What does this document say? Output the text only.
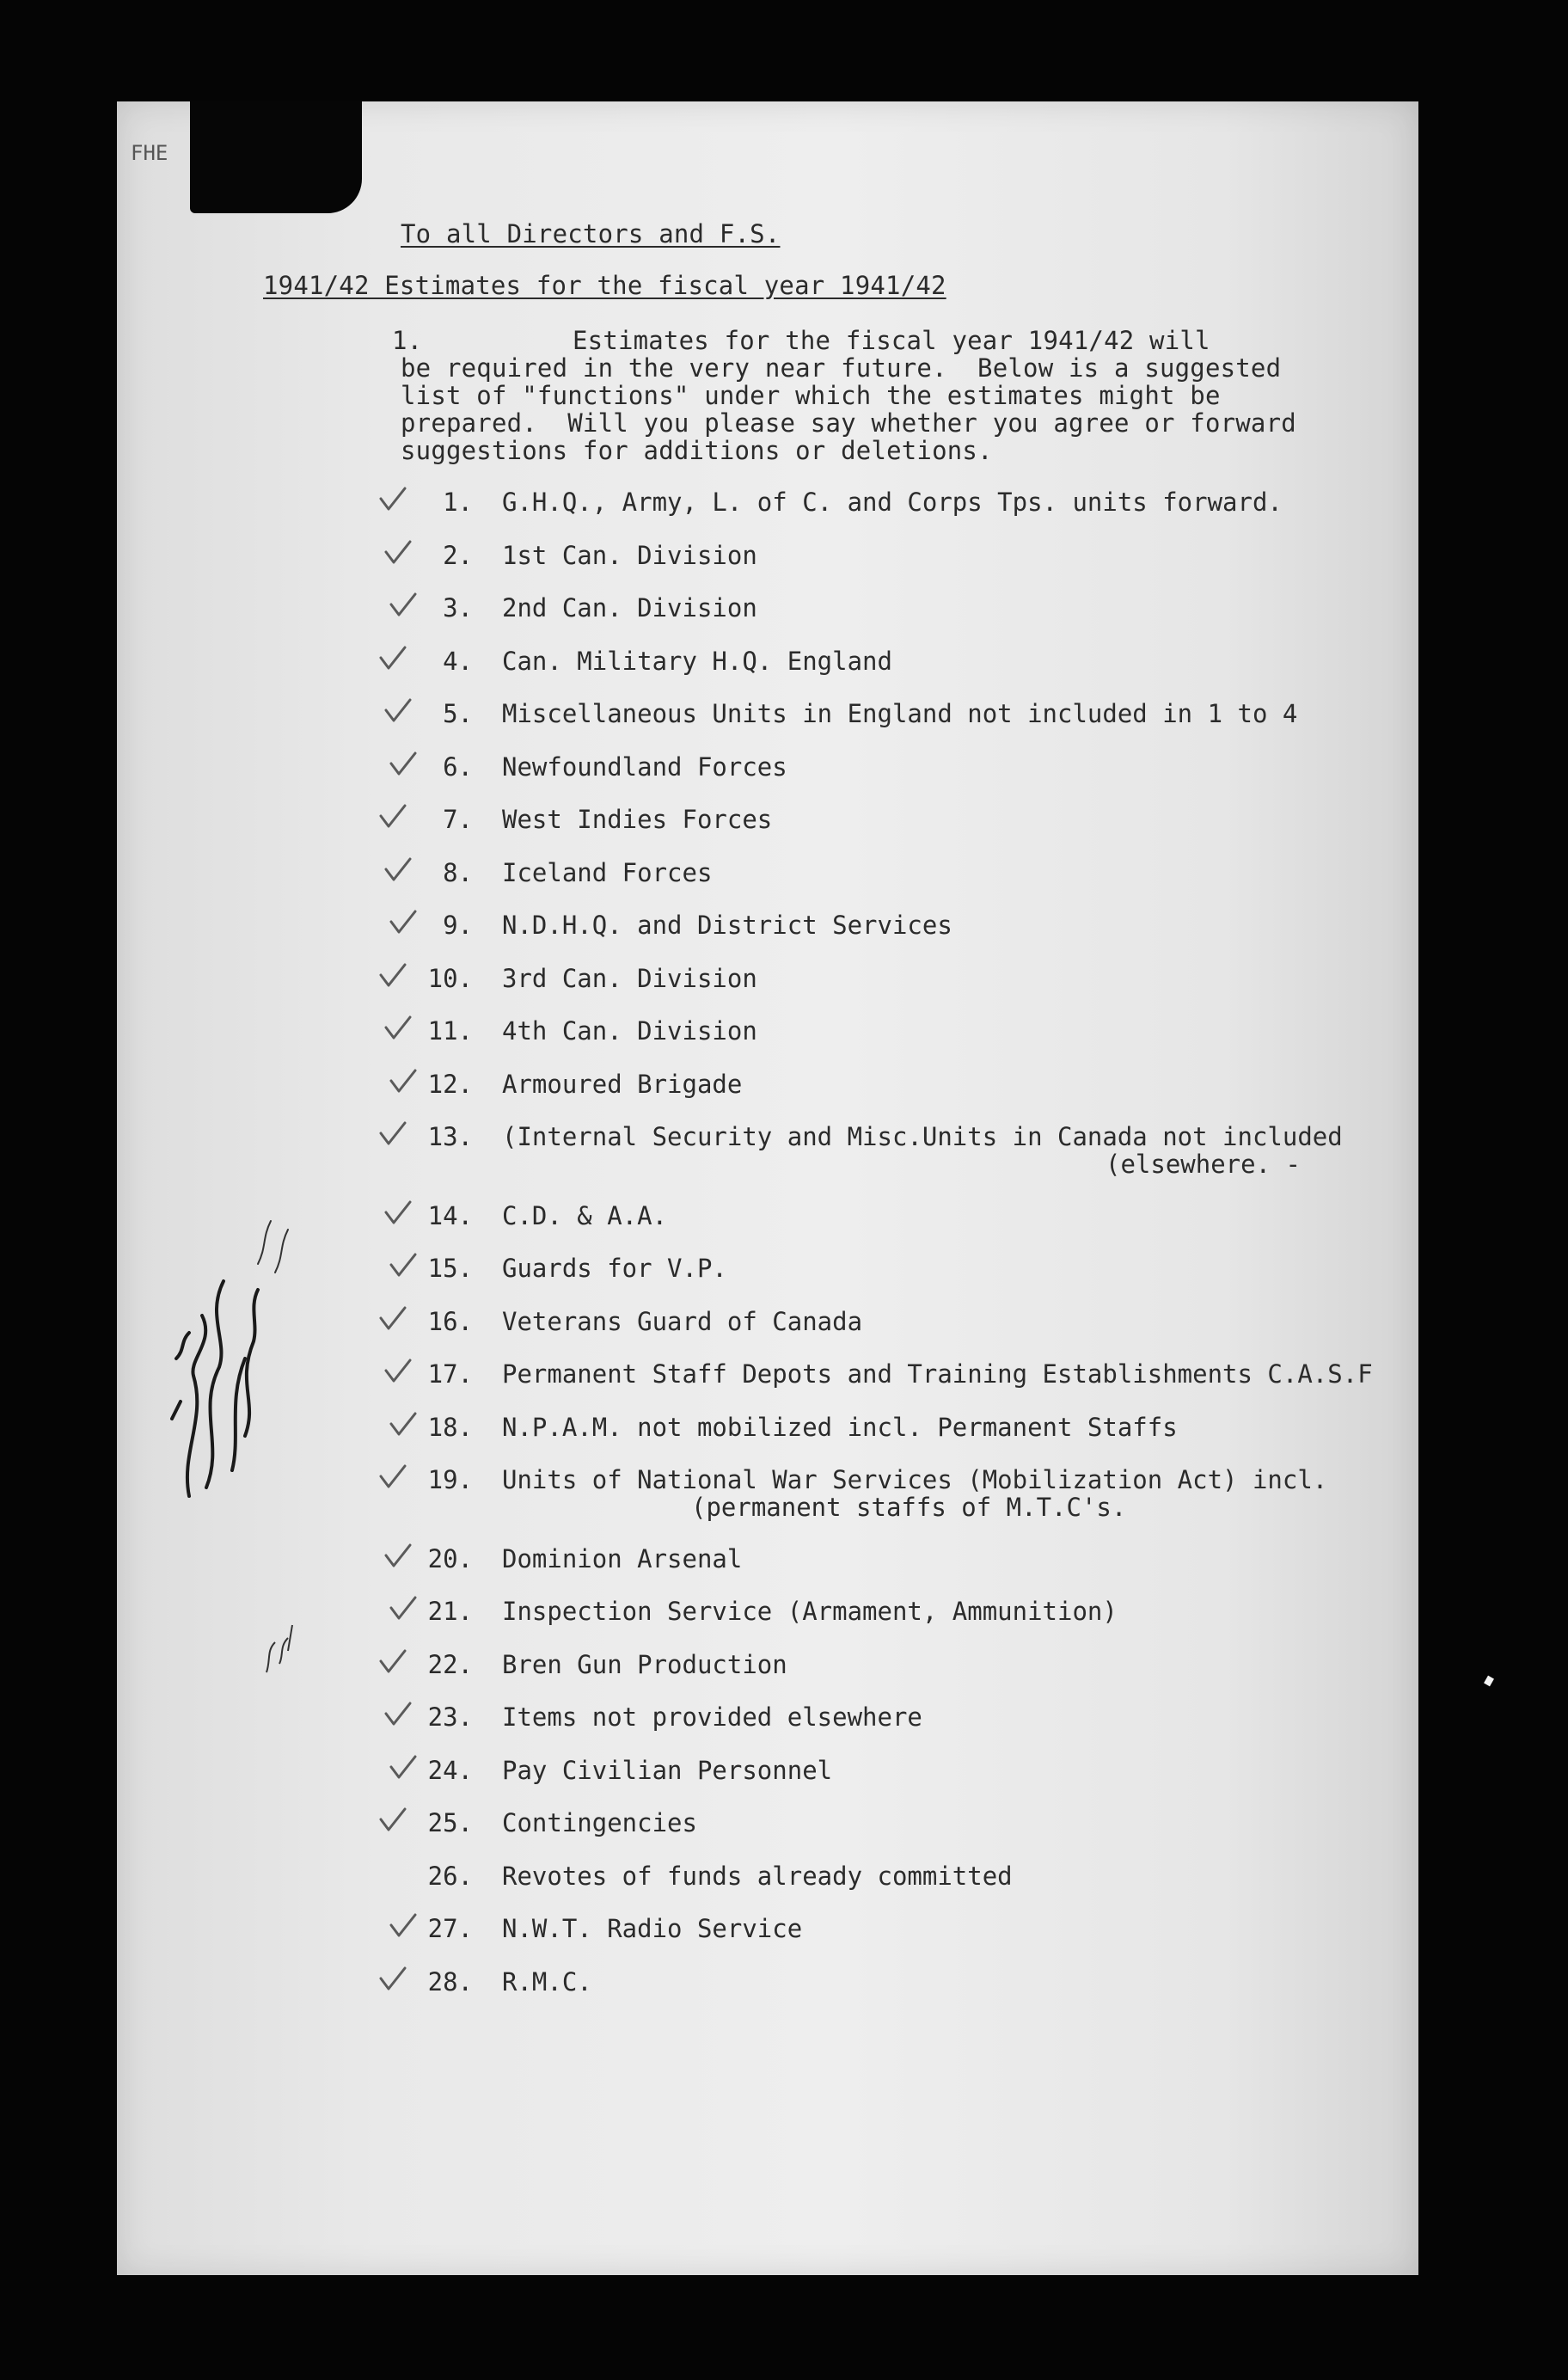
FHE
To all Directors and F.S.
1941/42 Estimates for the fiscal year 1941/42
1.	Estimates for the fiscal year 1941/42 will
be required in the very near future.  Below is a suggested
list of "functions" under which the estimates might be
prepared.  Will you please say whether you agree or forward
suggestions for additions or deletions.
1. G.H.Q., Army, L. of C. and Corps Tps. units forward.
2. 1st Can. Division
3. 2nd Can. Division
4. Can. Military H.Q. England
5. Miscellaneous Units in England not included in 1 to 4
6. Newfoundland Forces
7. West Indies Forces
8. Iceland Forces
9. N.D.H.Q. and District Services
10. 3rd Can. Division
11. 4th Can. Division
12. Armoured Brigade
13. (Internal Security and Misc.Units in Canada not included
(elsewhere. -
14. C.D. & A.A.
15. Guards for V.P.
16. Veterans Guard of Canada
17. Permanent Staff Depots and Training Establishments C.A.S.F
18. N.P.A.M. not mobilized incl. Permanent Staffs
19. Units of National War Services (Mobilization Act) incl.
(permanent staffs of M.T.C's.
20. Dominion Arsenal
21. Inspection Service (Armament, Ammunition)
22. Bren Gun Production
23. Items not provided elsewhere
24. Pay Civilian Personnel
25. Contingencies
26. Revotes of funds already committed
27. N.W.T. Radio Service
28. R.M.C.
